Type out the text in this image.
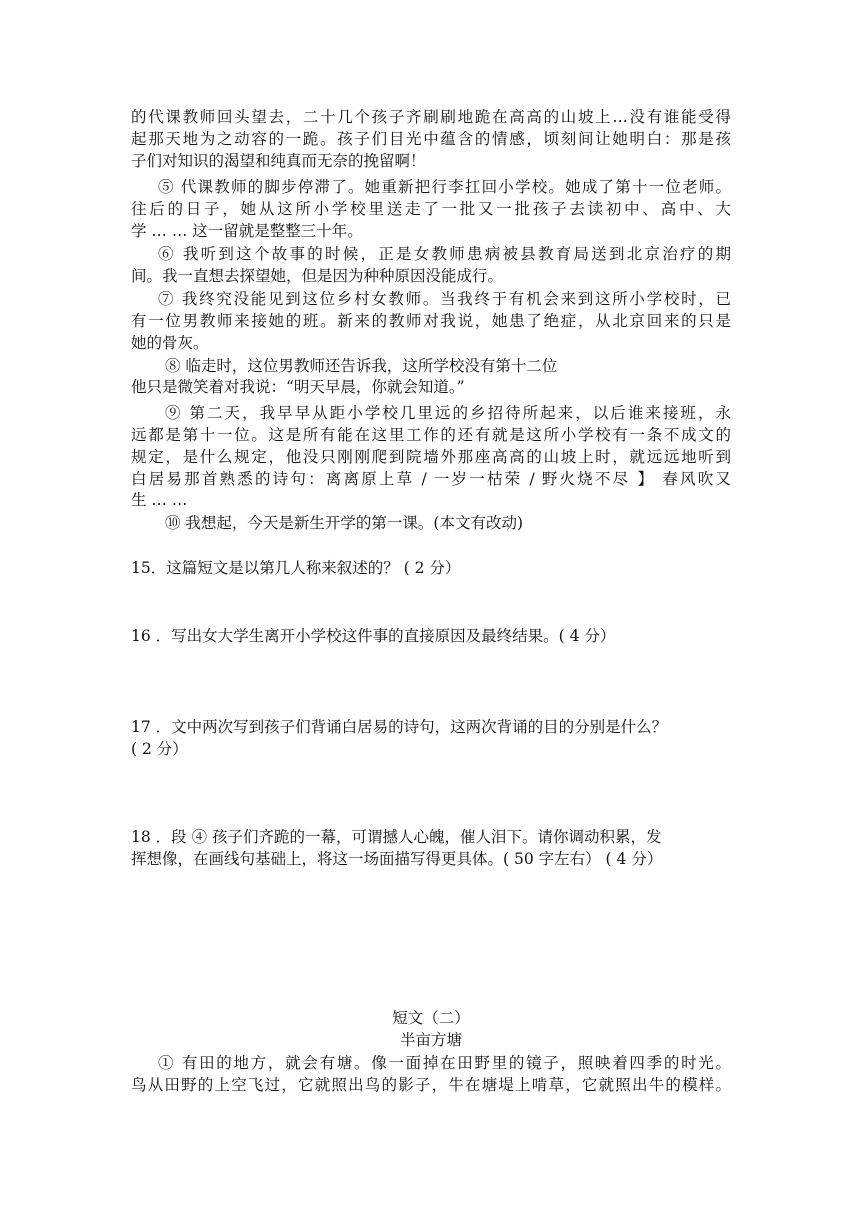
的代课教师回头望去，二十几个孩子齐刷刷地跪在高高的山坡上…没有谁能受得
起那天地为之动容的一跪。孩子们目光中蕴含的情感，顷刻间让她明白：那是孩
子们对知识的渴望和纯真而无奈的挽留啊！
⑤ 代课教师的脚步停滞了。她重新把行李扛回小学校。她成了第十一位老师。
往后的日子，她从这所小学校里送走了一批又一批孩子去读初中、高中、大
学 … … 这一留就是整整三十年。
⑥ 我听到这个故事的时候，正是女教师患病被县教育局送到北京治疗的期
间。我一直想去探望她，但是因为种种原因没能成行。
⑦ 我终究没能见到这位乡村女教师。当我终于有机会来到这所小学校时，已
有一位男教师来接她的班。新来的教师对我说，她患了绝症，从北京回来的只是
她的骨灰。
⑧ 临走时，这位男教师还告诉我，这所学校没有第十二位
他只是微笑着对我说：“明天早晨，你就会知道。”
⑨ 第二天，我早早从距小学校几里远的乡招待所起来，以后谁来接班，永
远都是第十一位。这是所有能在这里工作的还有就是这所小学校有一条不成文的
规定，是什么规定，他没只刚刚爬到院墙外那座高高的山坡上时，就远远地听到
白居易那首熟悉的诗句：离离原上草 / 一岁一枯荣 / 野火烧不尽 】 春风吹又
生 … …
⑩ 我想起，今天是新生开学的第一课。(本文有改动)
15．这篇短文是以第几人称来叙述的？ ( 2 分）
16 ．写出女大学生离开小学校这件事的直接原因及最终结果。( 4 分）
17 ．文中两次写到孩子们背诵白居易的诗句，这两次背诵的目的分别是什么？
( 2 分）
18 ．段 ④ 孩子们齐跪的一幕，可谓撼人心魄，催人泪下。请你调动积累，发
挥想像，在画线句基础上，将这一场面描写得更具体。( 50 字左右） ( 4 分）
短文（二）
半亩方塘
① 有田的地方，就会有塘。像一面掉在田野里的镜子，照映着四季的时光。
鸟从田野的上空飞过，它就照出鸟的影子，牛在塘堤上啃草，它就照出牛的模样。
